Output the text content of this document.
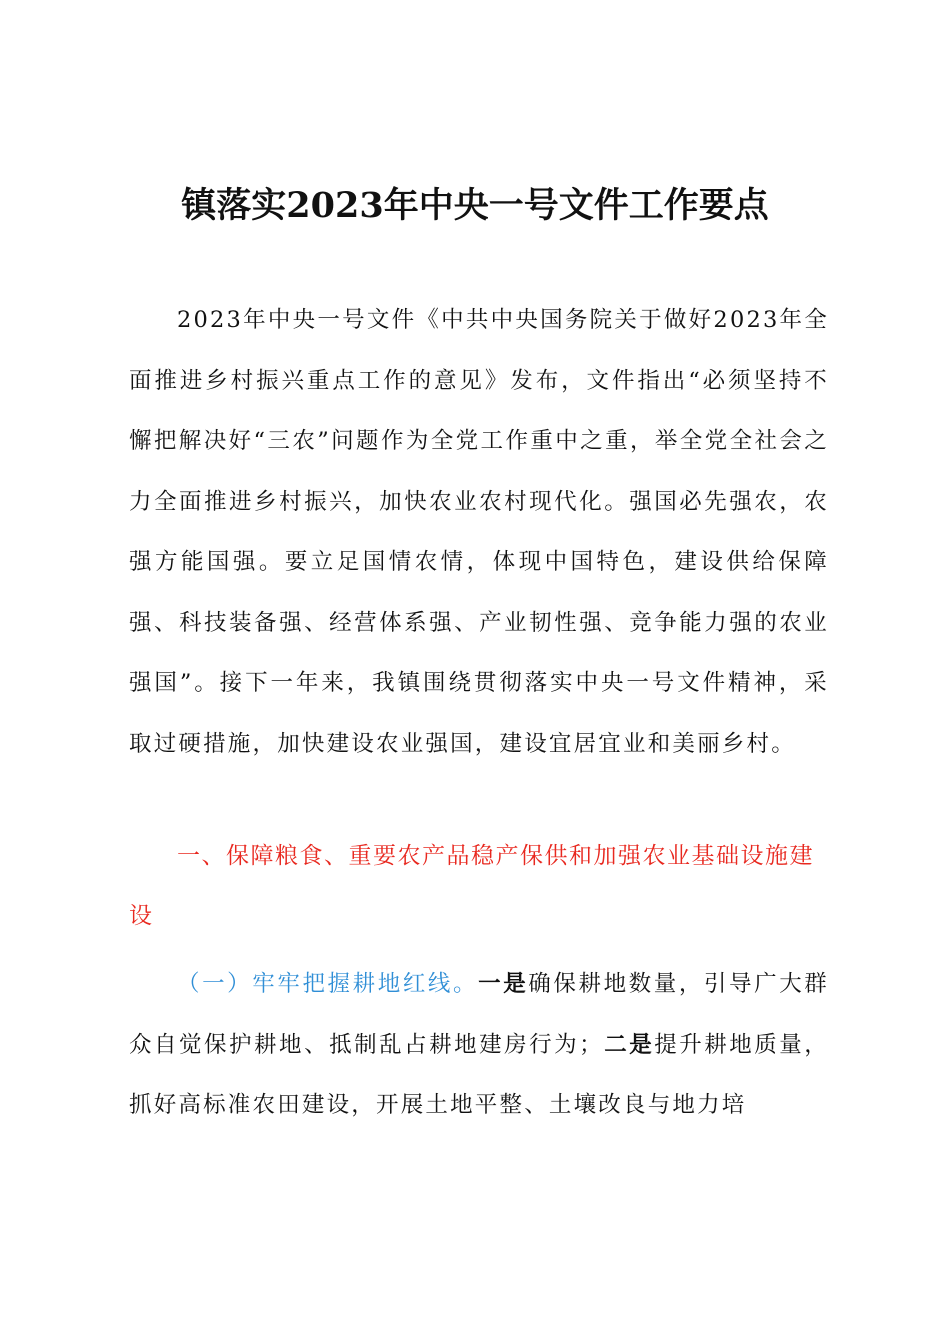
镇落实2023年中央一号文件工作要点
2023年中央一号文件《中共中央国务院关于做好2023年全面推进乡村振兴重点工作的意见》发布，文件指出“必须坚持不懈把解决好“三农”问题作为全党工作重中之重，举全党全社会之力全面推进乡村振兴，加快农业农村现代化。强国必先强农，农强方能国强。要立足国情农情，体现中国特色，建设供给保障强、科技装备强、经营体系强、产业韧性强、竞争能力强的农业强国”。接下一年来，我镇围绕贯彻落实中央一号文件精神，采取过硬措施，加快建设农业强国，建设宜居宜业和美丽乡村。
一、保障粮食、重要农产品稳产保供和加强农业基础设施建设
（一）牢牢把握耕地红线。一是确保耕地数量，引导广大群众自觉保护耕地、抵制乱占耕地建房行为；二是提升耕地质量，抓好高标准农田建设，开展土地平整、土壤改良与地力培
